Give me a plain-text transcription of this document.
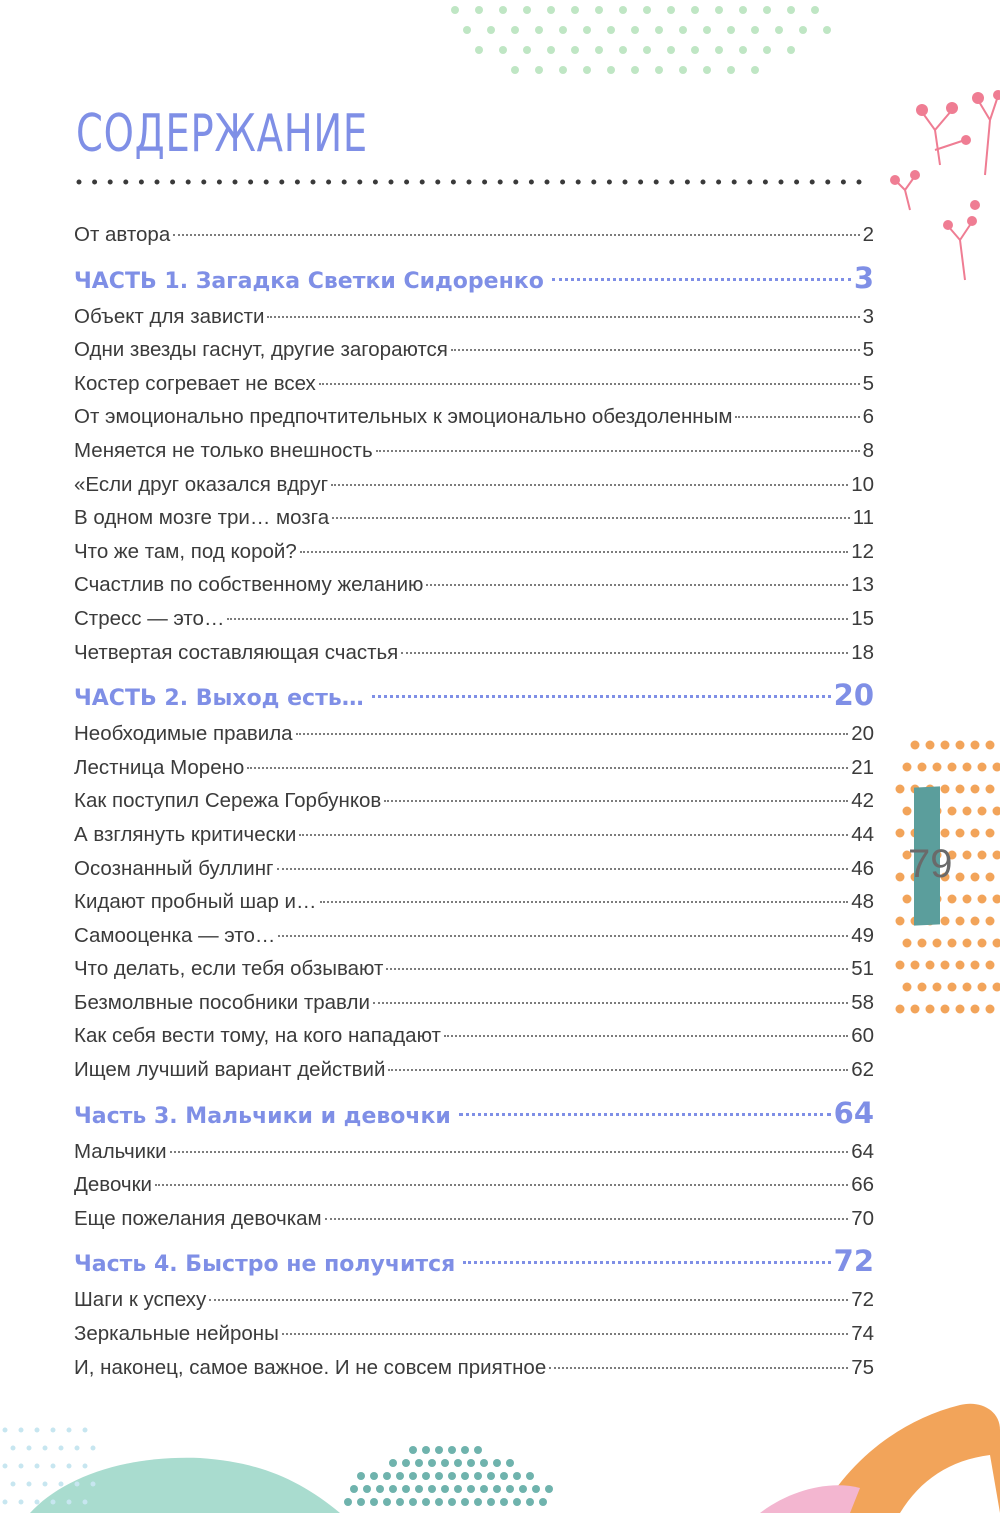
СОДЕРЖАНИЕ
От автора	2
ЧАСТЬ 1. Загадка Светки Сидоренко	3
Объект для зависти	3
Одни звезды гаснут, другие загораются	5
Костер согревает не всех	5
От эмоционально предпочтительных к эмоционально обездоленным	6
Меняется не только внешность	8
«Если друг оказался вдруг	10
В одном мозге три… мозга	11
Что же там, под корой?	12
Счастлив по собственному желанию	13
Стресс — это…	15
Четвертая составляющая счастья	18
ЧАСТЬ 2. Выход есть…	20
Необходимые правила	20
Лестница Морено	21
Как поступил Сережа Горбунков	42
А взглянуть критически	44
Осознанный буллинг	46
Кидают пробный шар и…	48
Самооценка — это…	49
Что делать, если тебя обзывают	51
Безмолвные пособники травли	58
Как себя вести тому, на кого нападают	60
Ищем лучший вариант действий	62
Часть 3. Мальчики и девочки	64
Мальчики	64
Девочки	66
Еще пожелания девочкам	70
Часть 4. Быстро не получится	72
Шаги к успеху	72
Зеркальные нейроны	74
И, наконец, самое важное. И не совсем приятное	75
79
